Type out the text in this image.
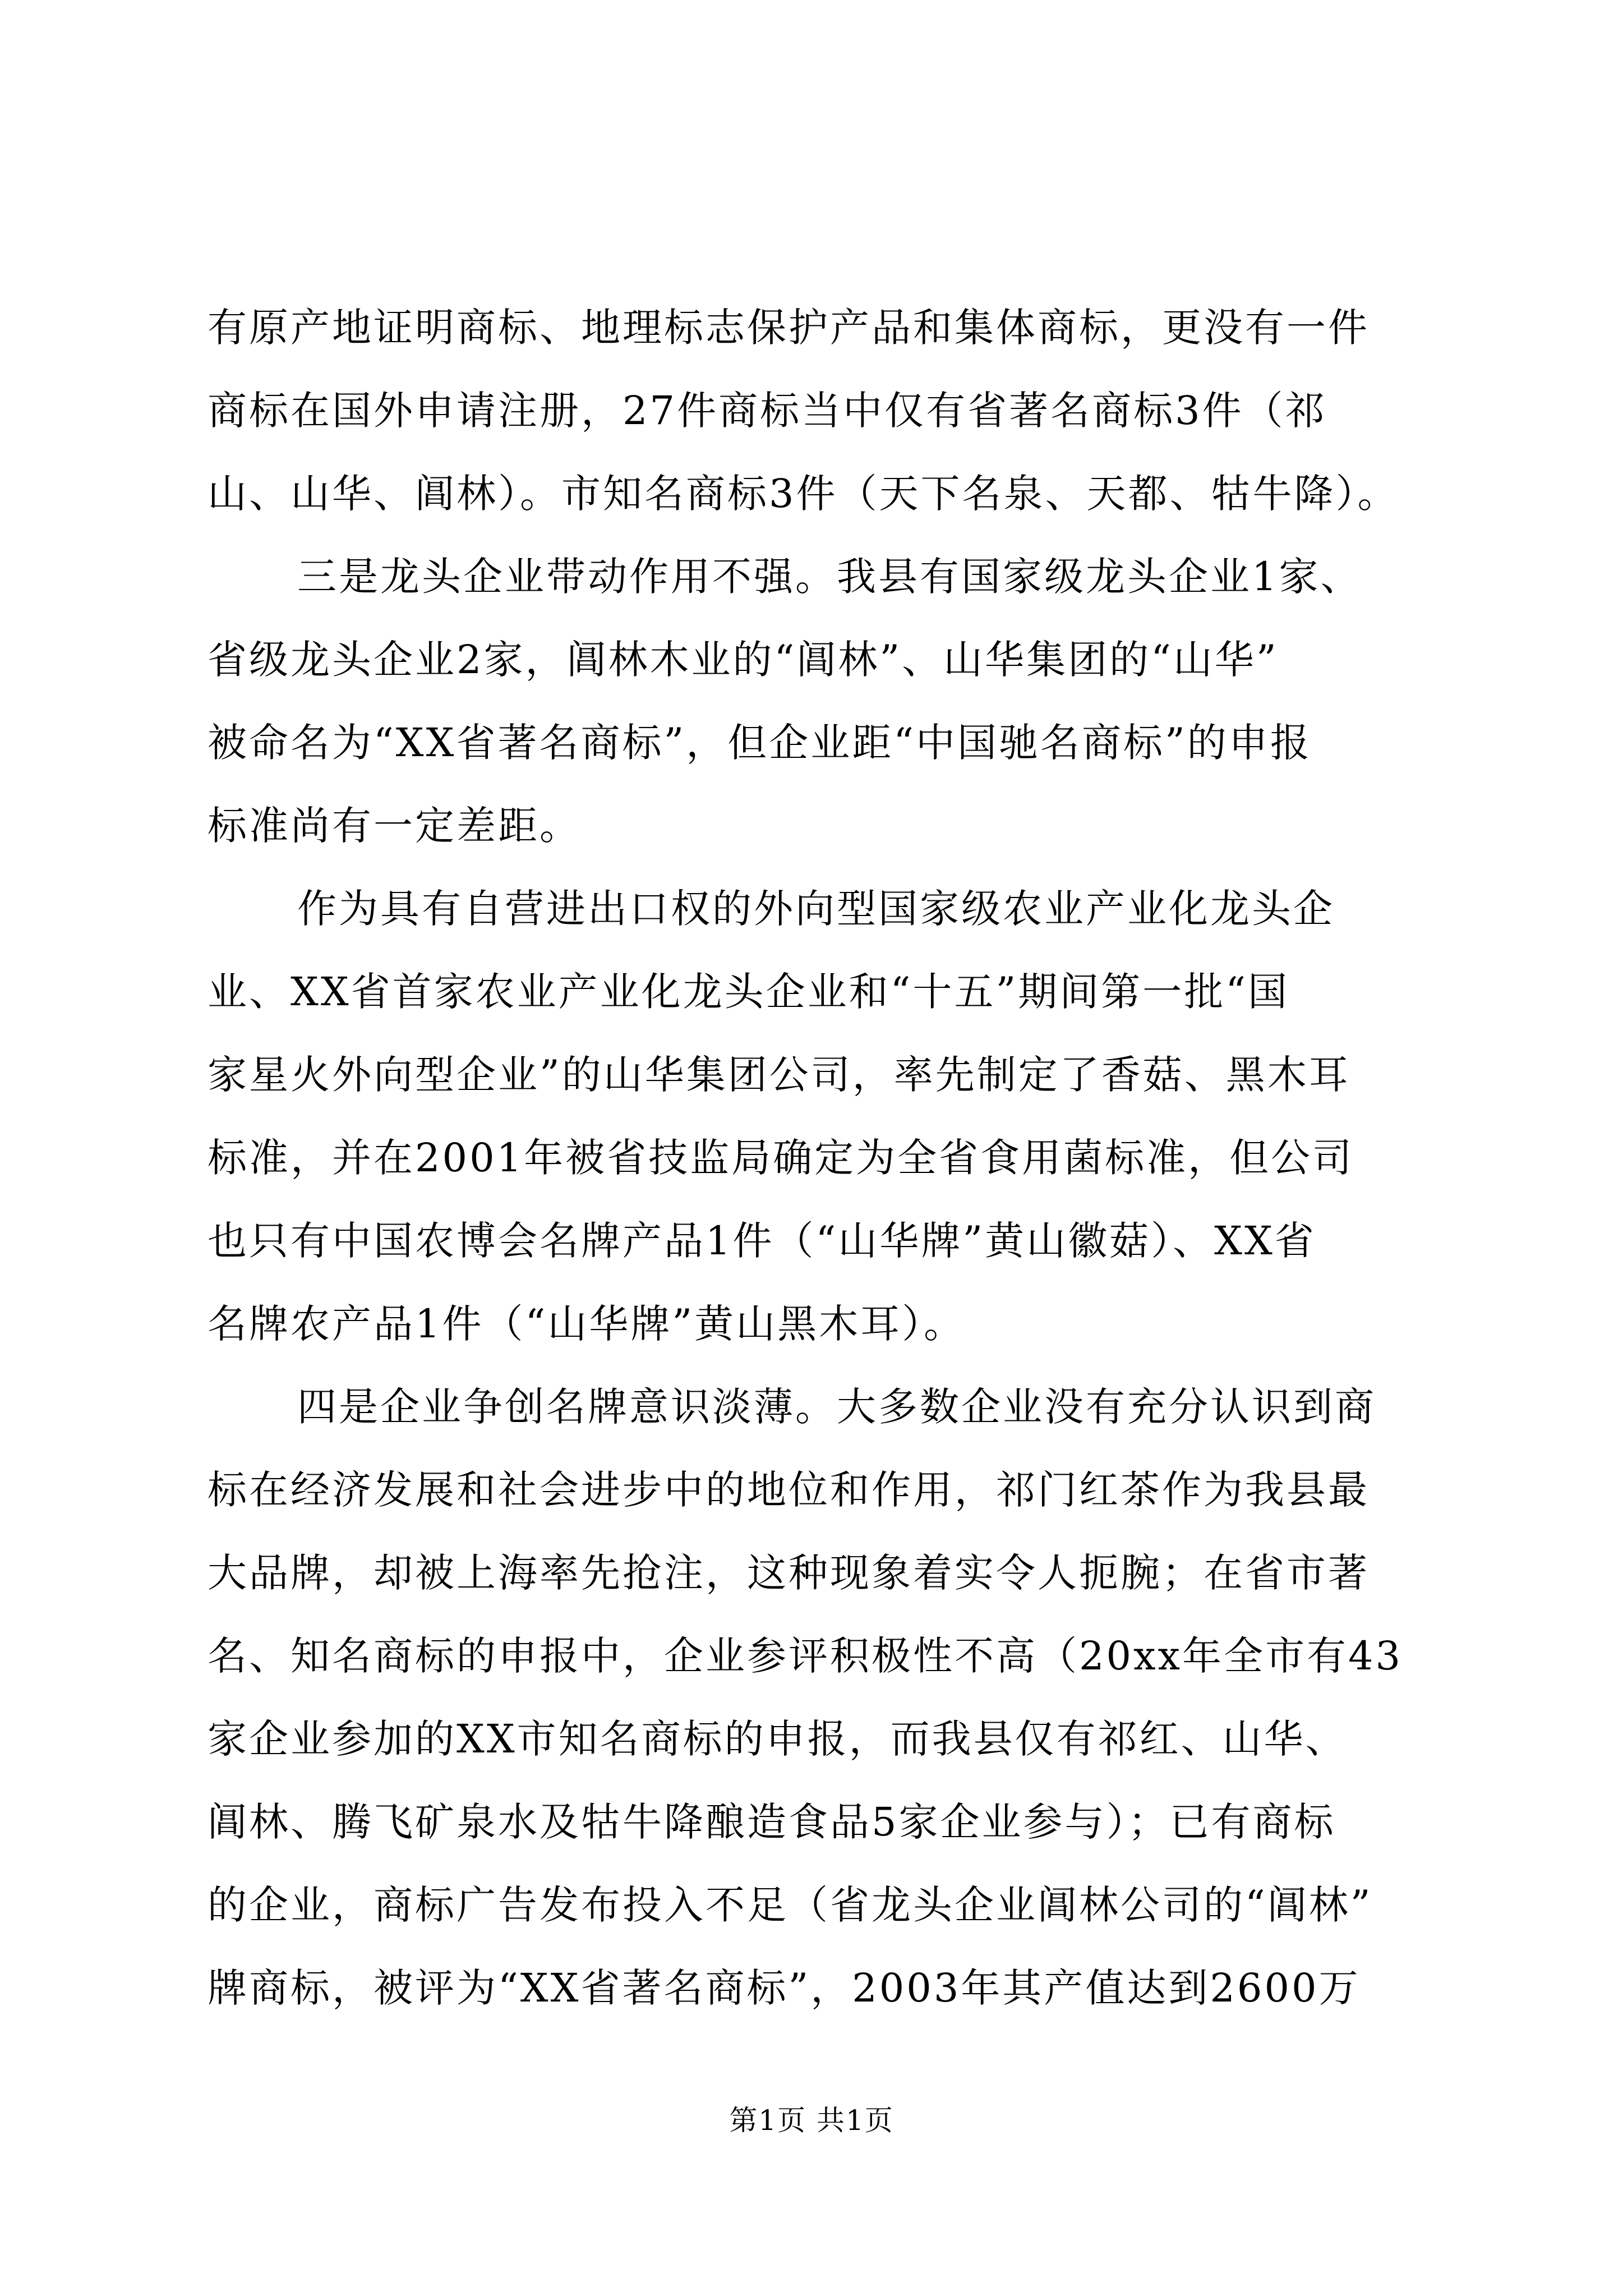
有原产地证明商标、地理标志保护产品和集体商标，更没有一件
商标在国外申请注册，27件商标当中仅有省著名商标3件（祁
山、山华、阊林）。市知名商标3件（天下名泉、天都、牯牛降）。
三是龙头企业带动作用不强。我县有国家级龙头企业1家、
省级龙头企业2家，阊林木业的“阊林”、山华集团的“山华”
被命名为“XX省著名商标”，但企业距“中国驰名商标”的申报
标准尚有一定差距。
作为具有自营进出口权的外向型国家级农业产业化龙头企
业、XX省首家农业产业化龙头企业和“十五”期间第一批“国
家星火外向型企业”的山华集团公司，率先制定了香菇、黑木耳
标准，并在2001年被省技监局确定为全省食用菌标准，但公司
也只有中国农博会名牌产品1件（“山华牌”黄山徽菇）、XX省
名牌农产品1件（“山华牌”黄山黑木耳）。
四是企业争创名牌意识淡薄。大多数企业没有充分认识到商
标在经济发展和社会进步中的地位和作用，祁门红茶作为我县最
大品牌，却被上海率先抢注，这种现象着实令人扼腕；在省市著
名、知名商标的申报中，企业参评积极性不高（20xx年全市有43
家企业参加的XX市知名商标的申报，而我县仅有祁红、山华、
阊林、腾飞矿泉水及牯牛降酿造食品5家企业参与）；已有商标
的企业，商标广告发布投入不足（省龙头企业阊林公司的“阊林”
牌商标，被评为“XX省著名商标”，2003年其产值达到2600万
第1页 共1页
